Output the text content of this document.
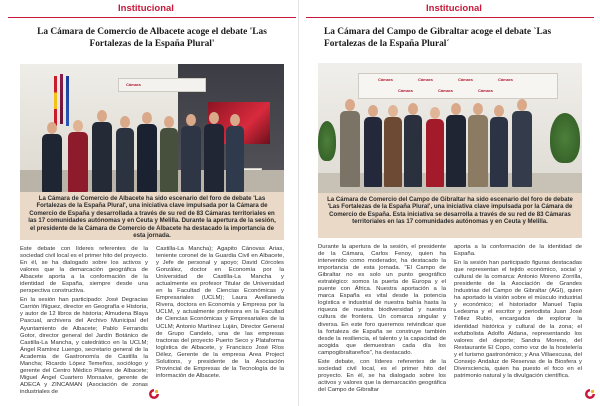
Institucional
La Cámara de Comercio de Albacete acoge el debate 'Las Fortalezas de la España Plural'
Cámara
La Cámara de Comercio de Albacete ha sido escenario del foro de debate 'Las Fortalezas de la España Plural', una iniciativa clave impulsada por la Cámara de Comercio de España y desarrollada a través de su red de 83 Cámaras territoriales en las 17 comunidades autónomas y en Ceuta y Melilla. Durante la apertura de la sesión, el presidente de la Cámara de Comercio de Albacete ha destacado la importancia de esta jornada.

Este debate con líderes referentes de la sociedad civil local es el primer hito del proyecto. En él, se ha dialogado sobre los activos y valores que la demarcación geográfica de Albacete aporta a la conformación de la identidad de España, siempre desde una perspectiva constructiva.

En la sesión han participado: José Degracias Carrión Iñiguez, director en Geografía e Historia, y autor de 12 libros de historia; Almudena Blaya Pascual, archivera del Archivo Municipal del Ayuntamiento de Albacete; Pablo Ferrandis Gotor, director general del Jardín Botánico de Castilla-La Mancha, y catedrático en la UCLM; Ángel Ramírez Luengo, secretario general de la Academia de Gastronomía de Castilla la Mancha; Ricardo López Temeños, sociólogo y gerente del Centro Médico Pilares de Albacete; Miguel Ángel Cuartero Monsalve, gerente de ADECA y ZINCAMAN (Asociación de zonas industriales de

Castilla-La Mancha); Agapito Cánovas Arias, teniente coronel de la Guardia Civil en Albacete, y Jefe de personal y apoyo; David Córcoles González, doctor en Economía por la Universidad de Castilla-La Mancha y actualmente es profesor Titular de Universidad en la Facultad de Ciencias Económicas y Empresariales (UCLM); Laura Avellaneda Rivera, doctora en Economía y Empresa por la UCLM, y actualmente profesora en la Facultad de Ciencias Económicas y Empresariales de la UCLM; Antonio Martínez Luján, Director General de Grupo Candelo, una de las empresas tractoras del proyecto Puerto Seco y Plataforma logística de Albacete, y Francisco José Ríos Délez, Gerente de la empresa Area Project Solutions, y presidente de la Asociación Provincial de Empresas de la Tecnología de la información de Albacete.

Institucional
La Cámara del Campo de Gibraltar acoge el debate `Las Fortalezas de la España Plural´
Cámara	Cámara	Cámara	Cámara
Cámara	Cámara	Cámara
La Cámara de Comercio del Campo de Gibraltar ha sido escenario del foro de debate 'Las Fortalezas de la España Plural', una iniciativa clave impulsada por la Cámara de Comercio de España. Esta iniciativa se desarrolla a través de su red de 83 Cámaras territoriales en las 17 comunidades autónomas y en Ceuta y Melilla.

Durante la apertura de la sesión, el presidente de la Cámara, Carlos Fenoy, quien ha intervenido como moderador, ha destacado la importancia de esta jornada. "El Campo de Gibraltar no es solo un punto geográfico estratégico: somos la puerta de Europa y el puente con África. Nuestra aportación a la marca España es vital desde la potencia logística e industrial de nuestra bahía hasta la riqueza de nuestra biodiversidad y nuestra cultura de frontera. Un comarca singular y diversa. En este foro queremos reivindicar que la fortaleza de España se construye también desde la resiliencia, el talento y la capacidad de acogida que demuestran cada día los campogibraltareños", ha destacado.

Este debate, con líderes referentes de la sociedad civil local, es el primer hito del proyecto. En él, se ha dialogado sobre los activos y valores que la demarcación geográfica del Campo de Gibraltar

aporta a la conformación de la identidad de España.

En la sesión han participado figuras destacadas que representan el tejido económico, social y cultural de la comarca: Antonio Moreno Zorrilla, presidente de la Asociación de Grandes Industrias del Campo de Gibraltar (AGI), quien ha aportado la visión sobre el músculo industrial y económico; el historiador Manuel Tapia Ledesma y el escritor y periodista Juan José Téllez Rubio, encargados de explorar la identidad histórica y cultural de la zona; el exfutbolista Adolfo Aldana, representando los valores del deporte; Sandra Moreno, del Restaurante El Copo, como voz de la hostelería y el turismo gastronómico; y Ana Villaescusa, del Consejo Andaluz de Reservas de la Biosfera y Diversciencia, quien ha puesto el foco en el patrimonio natural y la divulgación científica.
